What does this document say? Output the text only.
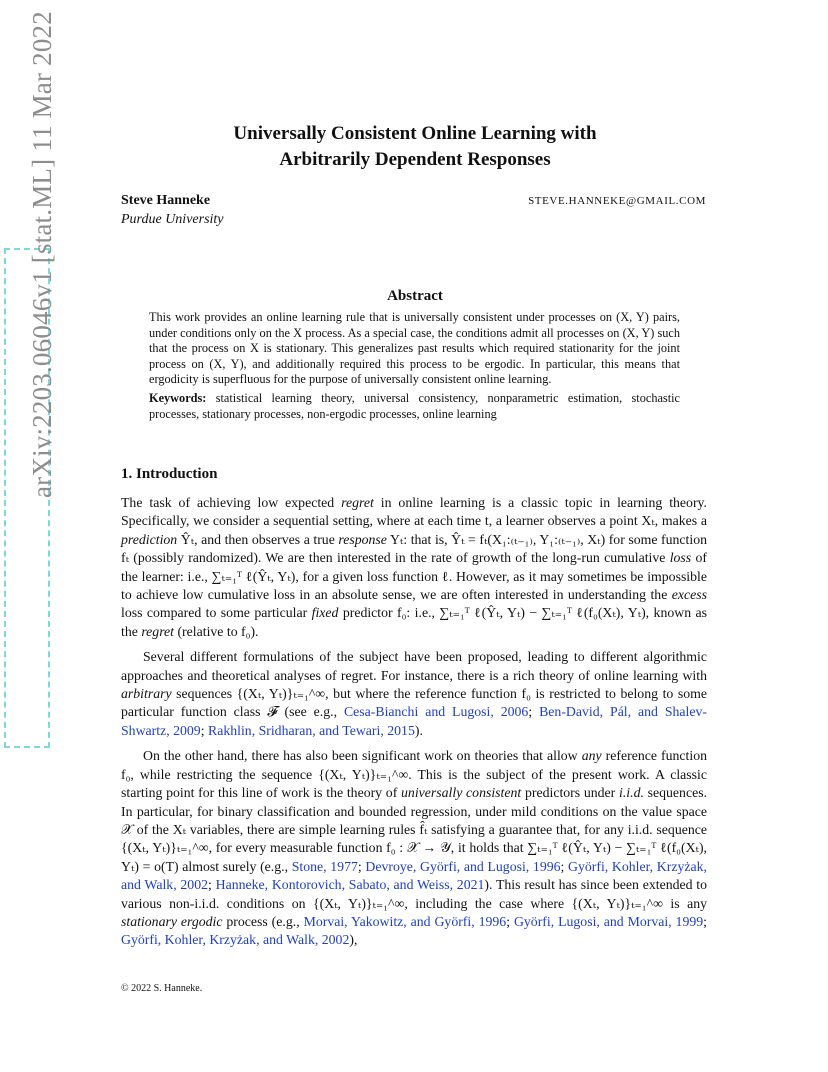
arXiv:2203.06046v1 [stat.ML] 11 Mar 2022	Universally Consistent Online Learning with
Arbitrarily Dependent Responses
Steve Hanneke
Purdue University
STEVE.HANNEKE@GMAIL.COM
Abstract

This work provides an online learning rule that is universally consistent under processes on (X, Y) pairs, under conditions only on the X process. As a special case, the conditions admit all processes on (X, Y) such that the process on X is stationary. This generalizes past results which required stationarity for the joint process on (X, Y), and additionally required this process to be ergodic. In particular, this means that ergodicity is superfluous for the purpose of universally consistent online learning.

Keywords: statistical learning theory, universal consistency, nonparametric estimation, stochastic processes, stationary processes, non-ergodic processes, online learning

1. Introduction

The task of achieving low expected regret in online learning is a classic topic in learning theory. Specifically, we consider a sequential setting, where at each time t, a learner observes a point Xₜ, makes a prediction Ŷₜ, and then observes a true response Yₜ: that is, Ŷₜ = fₜ(X₁:₍ₜ₋₁₎, Y₁:₍ₜ₋₁₎, Xₜ) for some function fₜ (possibly randomized). We are then interested in the rate of growth of the long-run cumulative loss of the learner: i.e., ∑ₜ₌₁ᵀ ℓ(Ŷₜ, Yₜ), for a given loss function ℓ. However, as it may sometimes be impossible to achieve low cumulative loss in an absolute sense, we are often interested in understanding the excess loss compared to some particular fixed predictor f₀: i.e., ∑ₜ₌₁ᵀ ℓ(Ŷₜ, Yₜ) − ∑ₜ₌₁ᵀ ℓ(f₀(Xₜ), Yₜ), known as the regret (relative to f₀).

Several different formulations of the subject have been proposed, leading to different algorithmic approaches and theoretical analyses of regret. For instance, there is a rich theory of online learning with arbitrary sequences {(Xₜ, Yₜ)}ₜ₌₁^∞, but where the reference function f₀ is restricted to belong to some particular function class 𝓕 (see e.g., Cesa-Bianchi and Lugosi, 2006; Ben-David, Pál, and Shalev-Shwartz, 2009; Rakhlin, Sridharan, and Tewari, 2015).

On the other hand, there has also been significant work on theories that allow any reference function f₀, while restricting the sequence {(Xₜ, Yₜ)}ₜ₌₁^∞. This is the subject of the present work. A classic starting point for this line of work is the theory of universally consistent predictors under i.i.d. sequences. In particular, for binary classification and bounded regression, under mild conditions on the value space 𝒳 of the Xₜ variables, there are simple learning rules f̂ₜ satisfying a guarantee that, for any i.i.d. sequence {(Xₜ, Yₜ)}ₜ₌₁^∞, for every measurable function f₀ : 𝒳 → 𝒴, it holds that ∑ₜ₌₁ᵀ ℓ(Ŷₜ, Yₜ) − ∑ₜ₌₁ᵀ ℓ(f₀(Xₜ), Yₜ) = o(T) almost surely (e.g., Stone, 1977; Devroye, Györfi, and Lugosi, 1996; Györfi, Kohler, Krzyżak, and Walk, 2002; Hanneke, Kontorovich, Sabato, and Weiss, 2021). This result has since been extended to various non-i.i.d. conditions on {(Xₜ, Yₜ)}ₜ₌₁^∞, including the case where {(Xₜ, Yₜ)}ₜ₌₁^∞ is any stationary ergodic process (e.g., Morvai, Yakowitz, and Györfi, 1996; Györfi, Lugosi, and Morvai, 1999; Györfi, Kohler, Krzyżak, and Walk, 2002),

© 2022 S. Hanneke.
